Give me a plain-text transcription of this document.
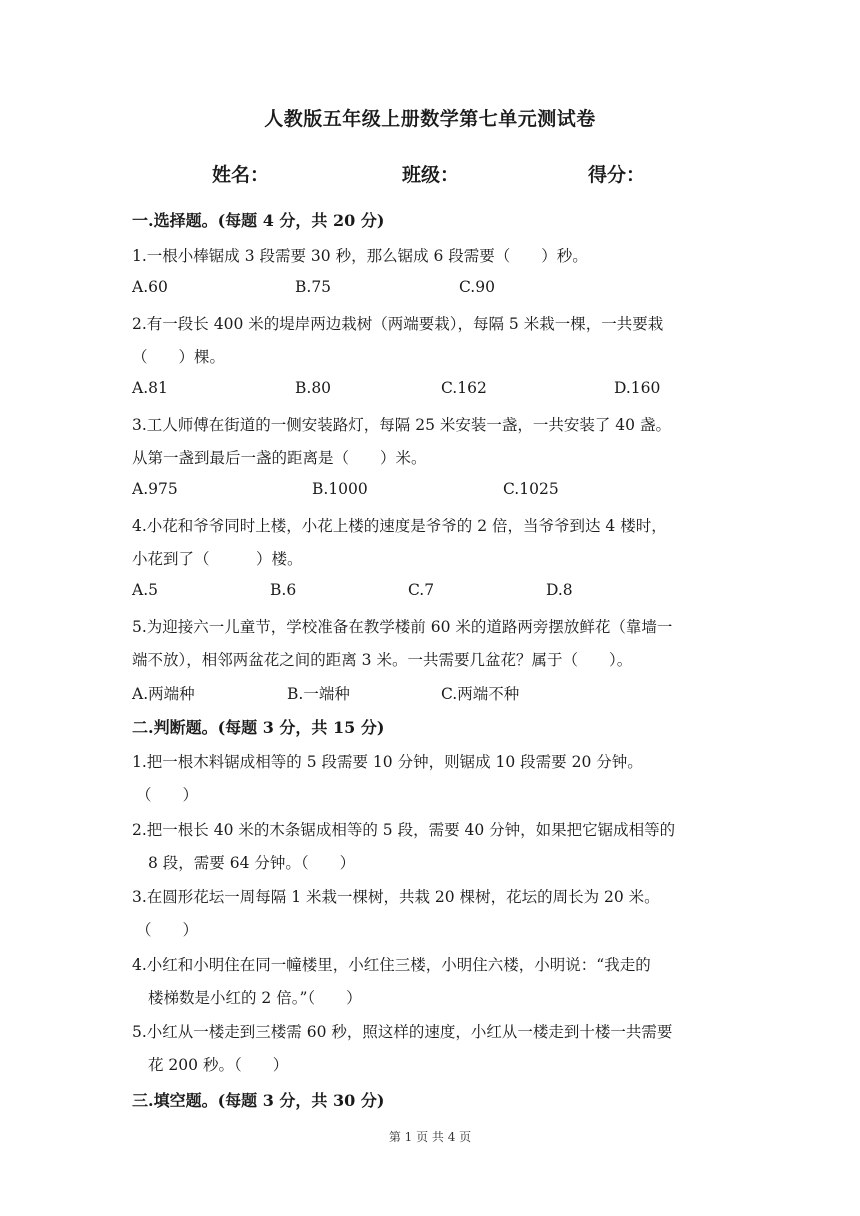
人教版五年级上册数学第七单元测试卷
姓名：	班级：	得分：
一.选择题。(每题 4 分，共 20 分)
1.一根小棒锯成 3 段需要 30 秒，那么锯成 6 段需要（　　）秒。
A.60	B.75	C.90
2.有一段长 400 米的堤岸两边栽树（两端要栽），每隔 5 米栽一棵，一共要栽
（　　）棵。
A.81	B.80	C.162	D.160
3.工人师傅在街道的一侧安装路灯，每隔 25 米安装一盏，一共安装了 40 盏。
从第一盏到最后一盏的距离是（　　）米。
A.975	B.1000	C.1025
4.小花和爷爷同时上楼，小花上楼的速度是爷爷的 2 倍，当爷爷到达 4 楼时，
小花到了（　　　）楼。
A.5	B.6	C.7	D.8
5.为迎接六一儿童节，学校准备在教学楼前 60 米的道路两旁摆放鲜花（靠墙一
端不放），相邻两盆花之间的距离 3 米。一共需要几盆花？属于（　　）。
A.两端种	B.一端种	C.两端不种
二.判断题。(每题 3 分，共 15 分)
1.把一根木料锯成相等的 5 段需要 10 分钟，则锯成 10 段需要 20 分钟。
（　　）
2.把一根长 40 米的木条锯成相等的 5 段，需要 40 分钟，如果把它锯成相等的
8 段，需要 64 分钟。（　　）
3.在圆形花坛一周每隔 1 米栽一棵树，共栽 20 棵树，花坛的周长为 20 米。
（　　）
4.小红和小明住在同一幢楼里，小红住三楼，小明住六楼，小明说：“我走的
楼梯数是小红的 2 倍。”（　　）
5.小红从一楼走到三楼需 60 秒，照这样的速度，小红从一楼走到十楼一共需要
花 200 秒。（　　）
三.填空题。(每题 3 分，共 30 分)
第 1 页 共 4 页
